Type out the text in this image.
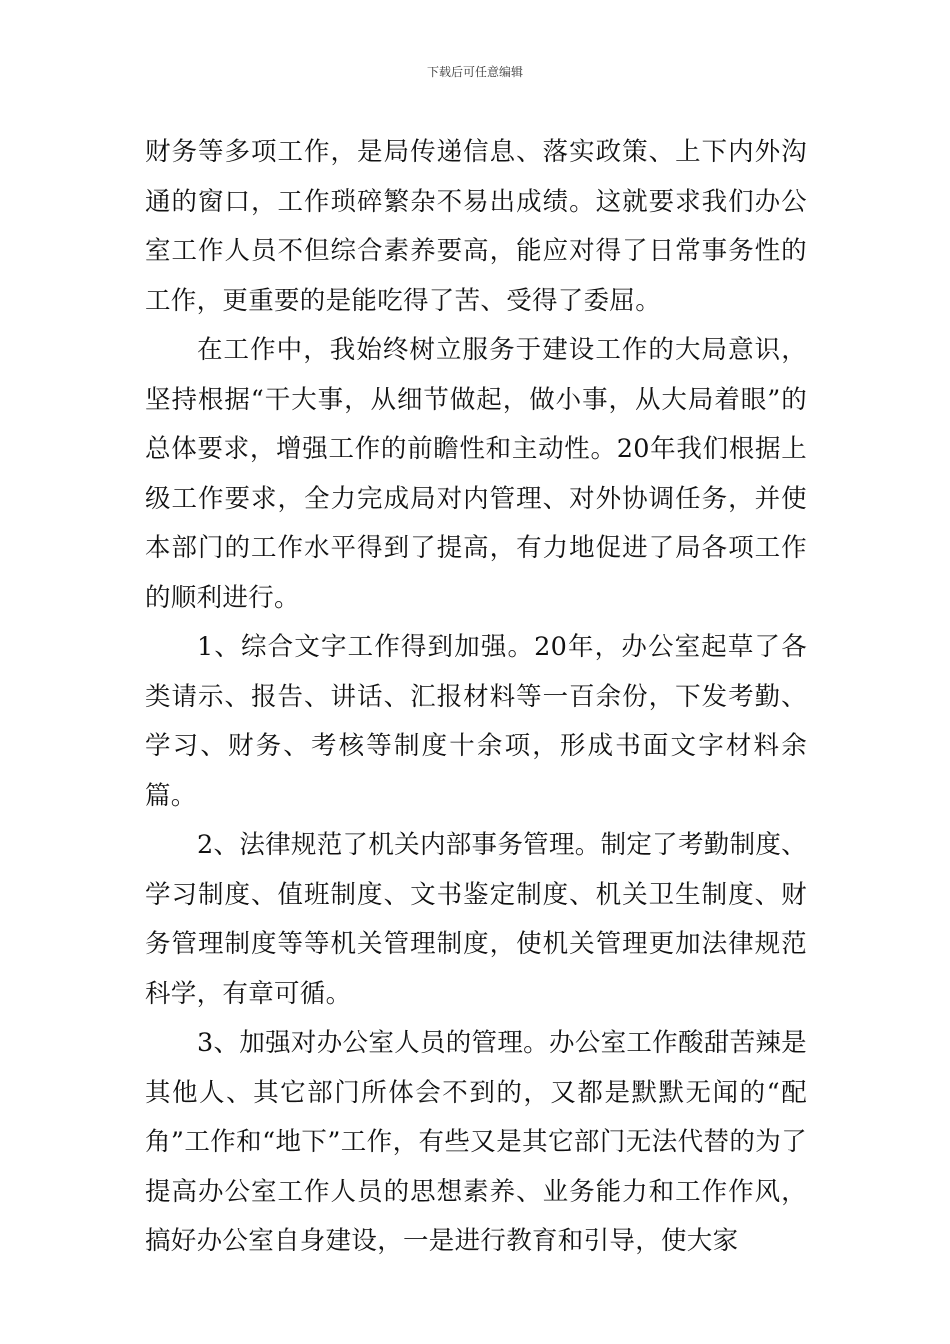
下载后可任意编辑

财务等多项工作，是局传递信息、落实政策、上下内外沟通的窗口，工作琐碎繁杂不易出成绩。这就要求我们办公室工作人员不但综合素养要高，能应对得了日常事务性的工作，更重要的是能吃得了苦、受得了委屈。

在工作中，我始终树立服务于建设工作的大局意识，坚持根据“干大事，从细节做起，做小事，从大局着眼”的总体要求，增强工作的前瞻性和主动性。20年我们根据上级工作要求，全力完成局对内管理、对外协调任务，并使本部门的工作水平得到了提高，有力地促进了局各项工作的顺利进行。

1、综合文字工作得到加强。20年，办公室起草了各类请示、报告、讲话、汇报材料等一百余份，下发考勤、学习、财务、考核等制度十余项，形成书面文字材料余篇。

2、法律规范了机关内部事务管理。制定了考勤制度、学习制度、值班制度、文书鉴定制度、机关卫生制度、财务管理制度等等机关管理制度，使机关管理更加法律规范科学，有章可循。

3、加强对办公室人员的管理。办公室工作酸甜苦辣是其他人、其它部门所体会不到的，又都是默默无闻的“配角”工作和“地下”工作，有些又是其它部门无法代替的为了提高办公室工作人员的思想素养、业务能力和工作作风，搞好办公室自身建设，一是进行教育和引导，使大家
